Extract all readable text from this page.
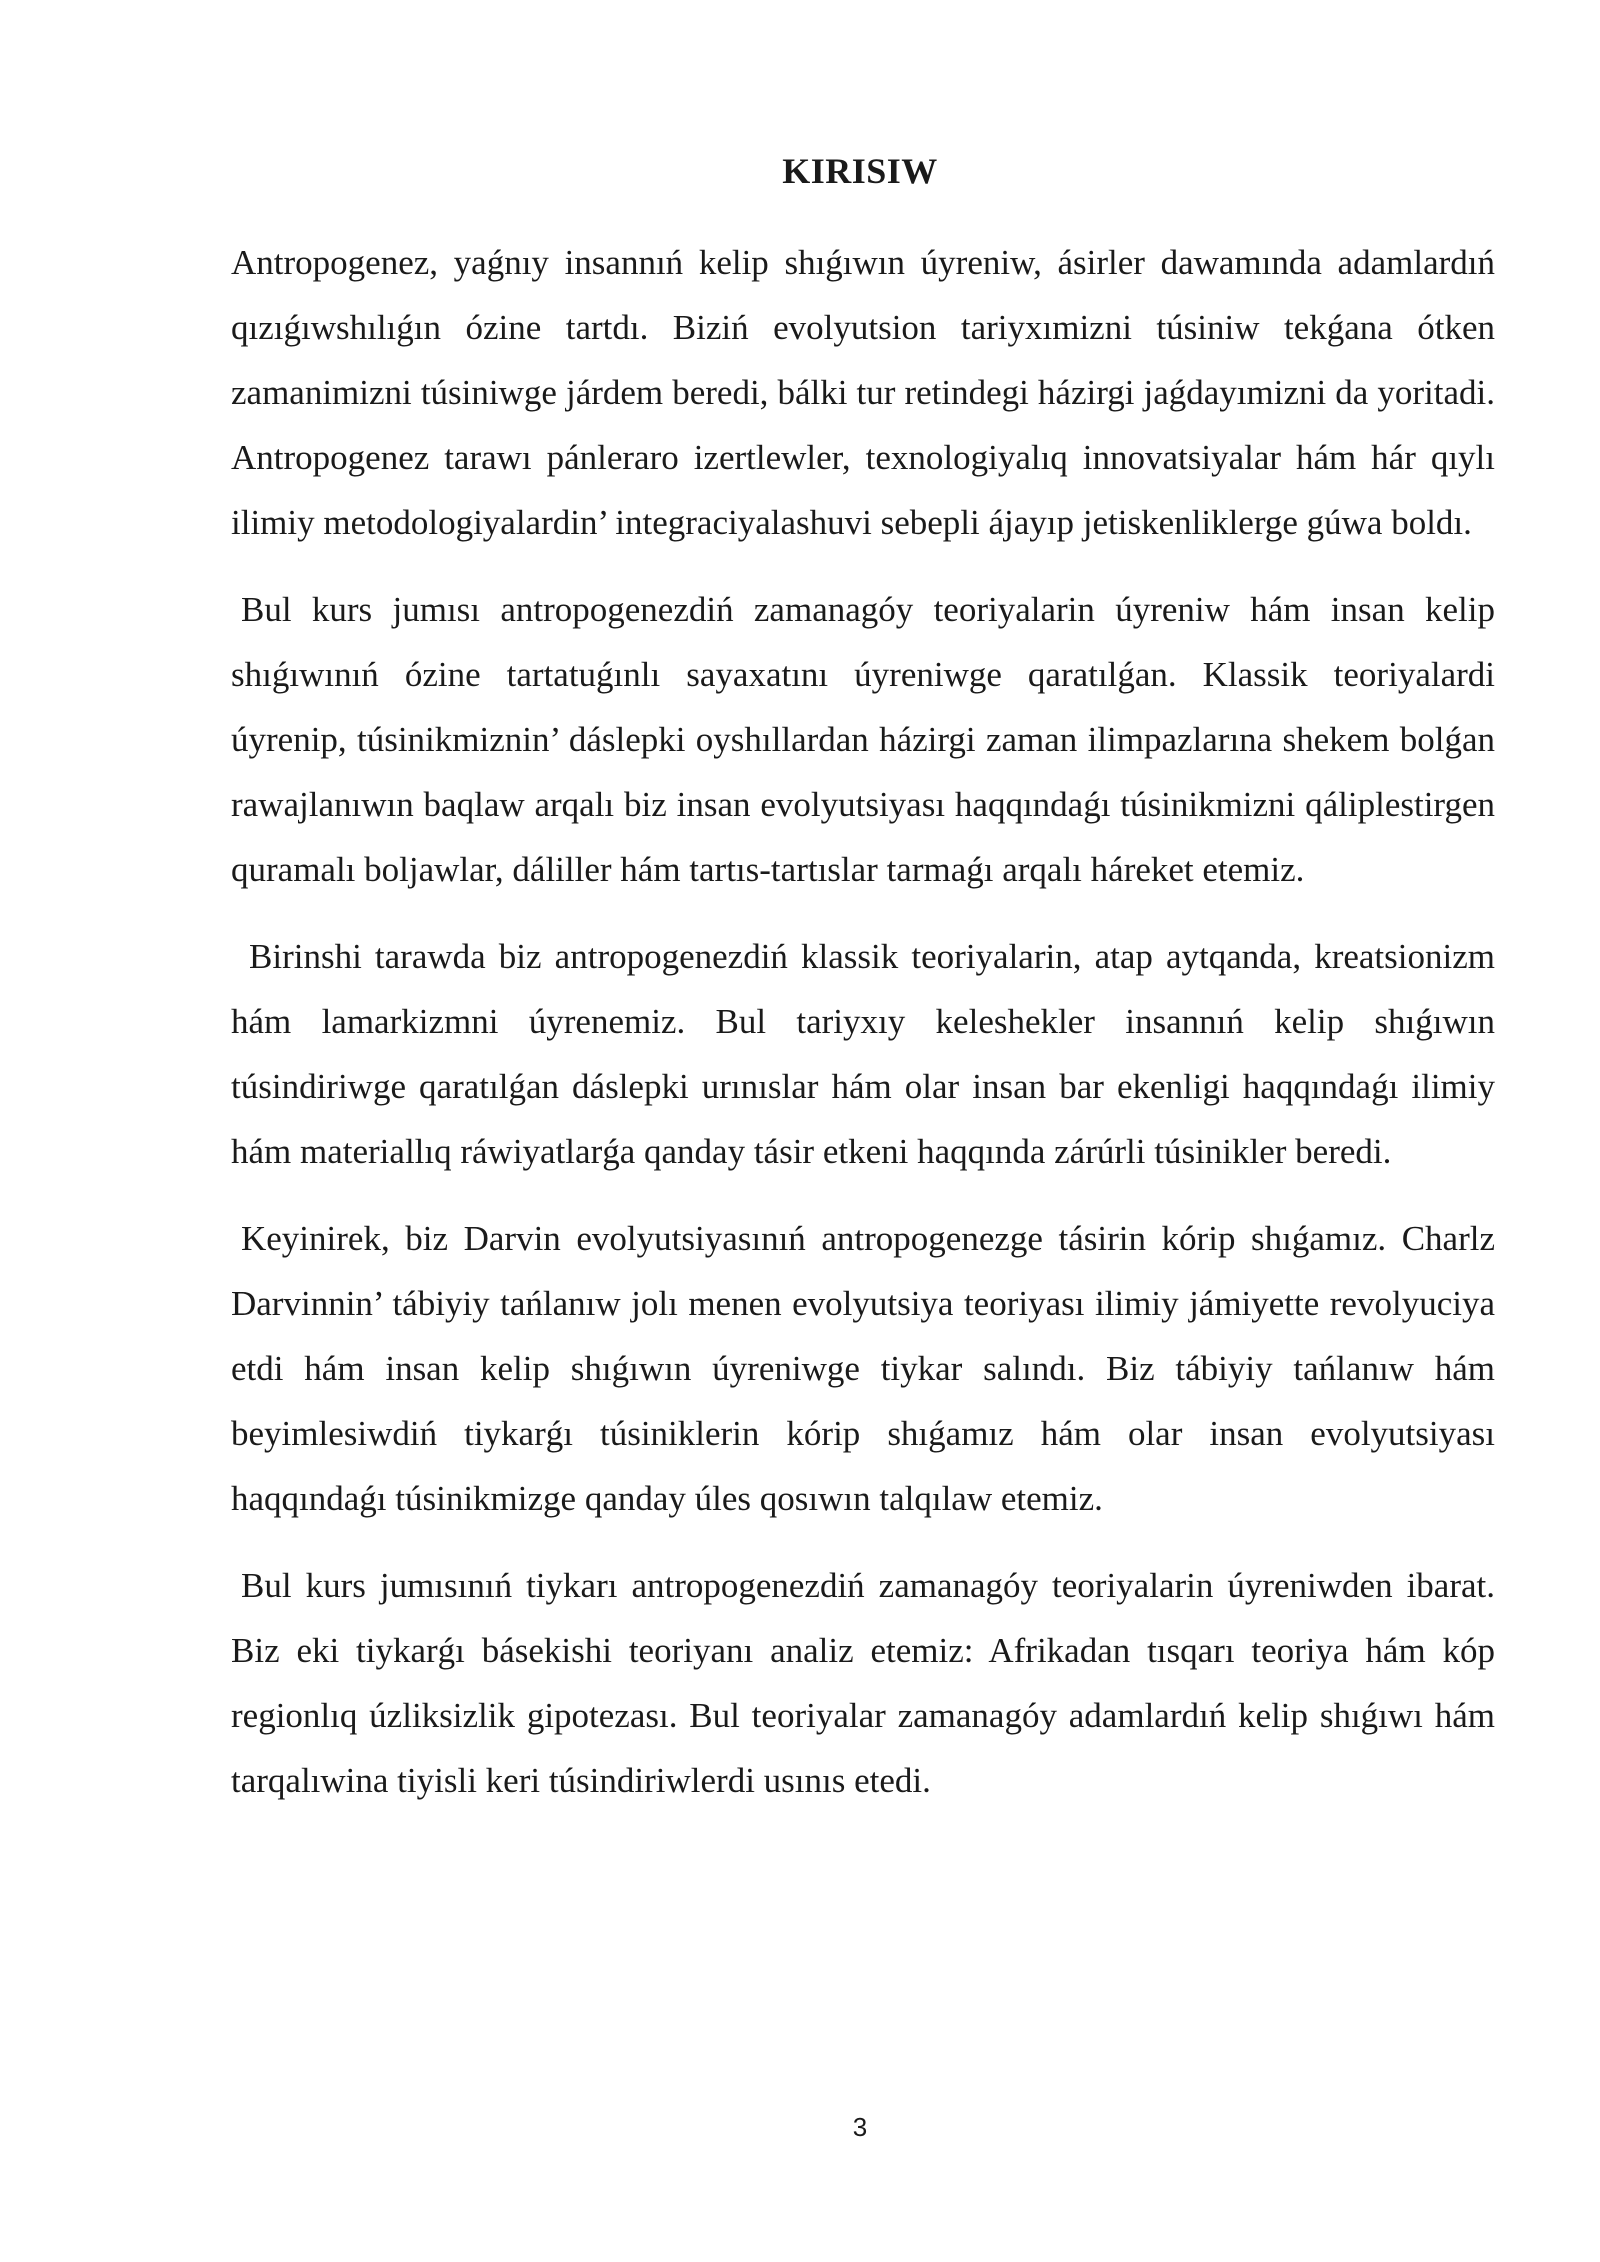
KIRISIW

Antropogenez, yaǵnıy insannıń kelip shıǵıwın úyreniw, ásirler dawamında adamlardıń qızıǵıwshılıǵın ózine tartdı. Biziń evolyutsion tariyxımizni túsiniw tekǵana ótken zamanimizni túsiniwge járdem beredi, bálki tur retindegi házirgi jaǵdayımizni da yoritadi. Antropogenez tarawı pánleraro izertlewler, texnologiyalıq innovatsiyalar hám hár qıylı ilimiy metodologiyalardin’ integraciyalashuvi sebepli ájayıp jetiskenliklerge gúwa boldı.

Bul kurs jumısı antropogenezdiń zamanagóy teoriyalarin úyreniw hám insan kelip shıǵıwınıń ózine tartatuǵınlı sayaxatını úyreniwge qaratılǵan. Klassik teoriyalardi úyrenip, túsinikmiznin’ dáslepki oyshıllardan házirgi zaman ilimpazlarına shekem bolǵan rawajlanıwın baqlaw arqalı biz insan evolyutsiyası haqqındaǵı túsinikmizni qáliplestirgen quramalı boljawlar, dáliller hám tartıs-tartıslar tarmaǵı arqalı háreket etemiz.

Birinshi tarawda biz antropogenezdiń klassik teoriyalarin, atap aytqanda, kreatsionizm hám lamarkizmni úyrenemiz. Bul tariyxıy keleshekler insannıń kelip shıǵıwın túsindiriwge qaratılǵan dáslepki urınıslar hám olar insan bar ekenligi haqqındaǵı ilimiy hám materiallıq ráwiyatlarǵa qanday tásir etkeni haqqında zárúrli túsinikler beredi.

Keyinirek, biz Darvin evolyutsiyasınıń antropogenezge tásirin kórip shıǵamız. Charlz Darvinnin’ tábiyiy tańlanıw jolı menen evolyutsiya teoriyası ilimiy jámiyette revolyuciya etdi hám insan kelip shıǵıwın úyreniwge tiykar salındı. Biz tábiyiy tańlanıw hám beyimlesiwdiń tiykarǵı túsiniklerin kórip shıǵamız hám olar insan evolyutsiyası haqqındaǵı túsinikmizge qanday úles qosıwın talqılaw etemiz.

Bul kurs jumısınıń tiykarı antropogenezdiń zamanagóy teoriyalarin úyreniwden ibarat. Biz eki tiykarǵı básekishi teoriyanı analiz etemiz: Afrikadan tısqarı teoriya hám kóp regionlıq úzliksizlik gipotezası. Bul teoriyalar zamanagóy adamlardıń kelip shıǵıwı hám tarqalıwina tiyisli keri túsindiriwlerdi usınıs etedi.

3
